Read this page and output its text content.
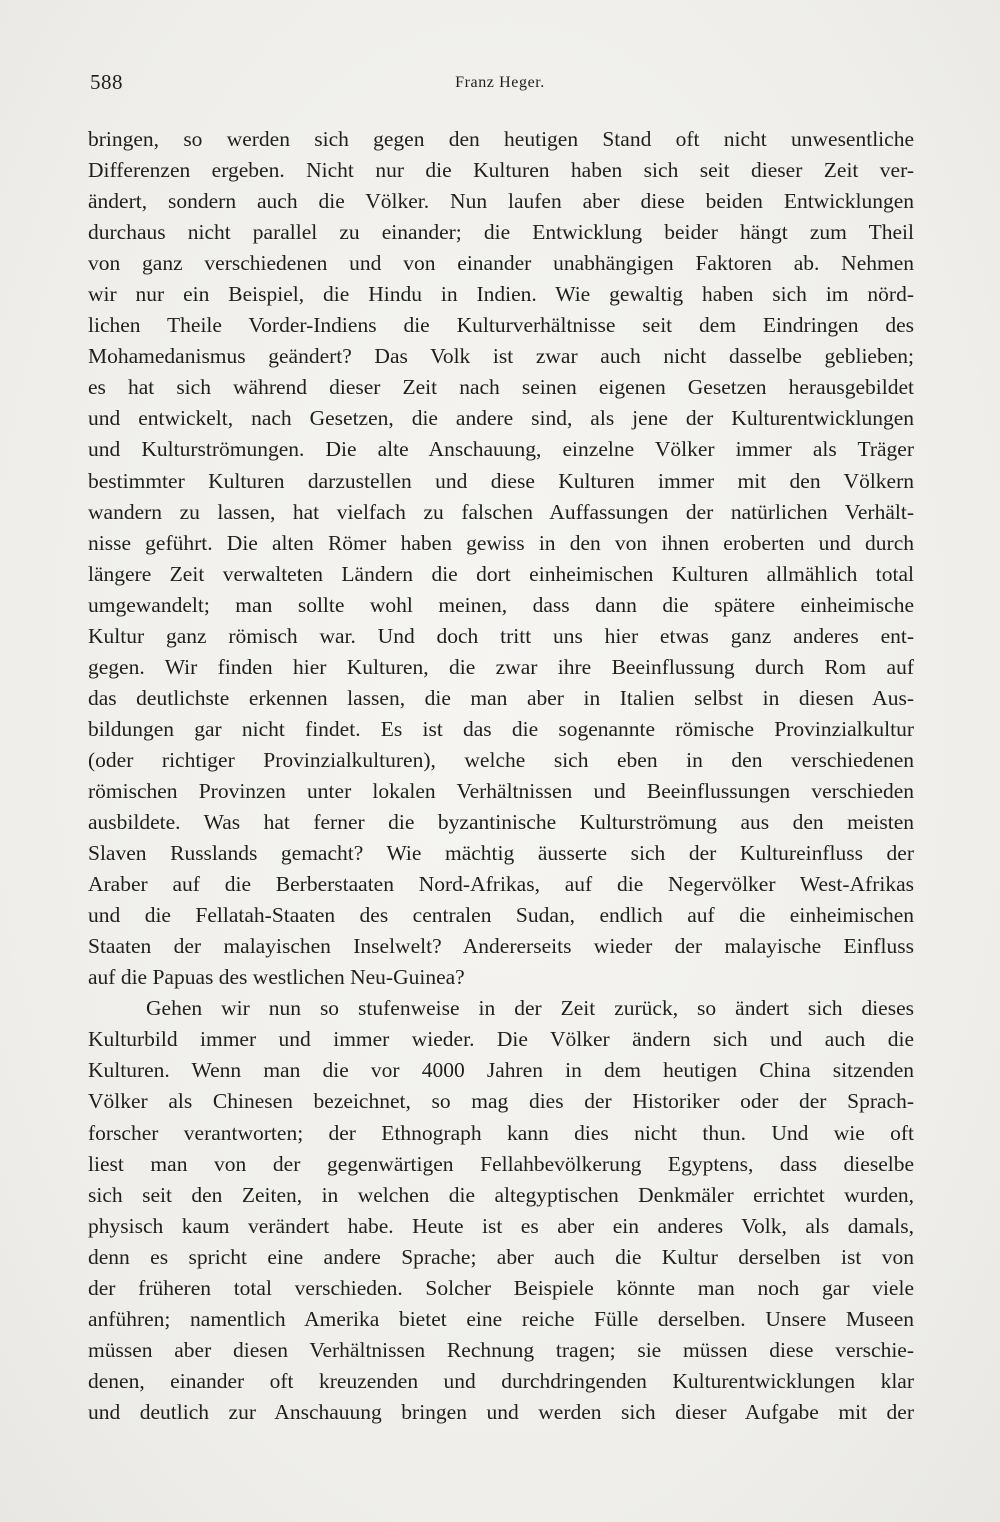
588	Franz Heger.
bringen, so werden sich gegen den heutigen Stand oft nicht unwesentliche
Differenzen ergeben. Nicht nur die Kulturen haben sich seit dieser Zeit ver-
ändert, sondern auch die Völker. Nun laufen aber diese beiden Entwicklungen
durchaus nicht parallel zu einander; die Entwicklung beider hängt zum Theil
von ganz verschiedenen und von einander unabhängigen Faktoren ab. Nehmen
wir nur ein Beispiel, die Hindu in Indien. Wie gewaltig haben sich im nörd-
lichen Theile Vorder-Indiens die Kulturverhältnisse seit dem Eindringen des
Mohamedanismus geändert? Das Volk ist zwar auch nicht dasselbe geblieben;
es hat sich während dieser Zeit nach seinen eigenen Gesetzen herausgebildet
und entwickelt, nach Gesetzen, die andere sind, als jene der Kulturentwicklungen
und Kulturströmungen. Die alte Anschauung, einzelne Völker immer als Träger
bestimmter Kulturen darzustellen und diese Kulturen immer mit den Völkern
wandern zu lassen, hat vielfach zu falschen Auffassungen der natürlichen Verhält-
nisse geführt. Die alten Römer haben gewiss in den von ihnen eroberten und durch
längere Zeit verwalteten Ländern die dort einheimischen Kulturen allmählich total
umgewandelt; man sollte wohl meinen, dass dann die spätere einheimische
Kultur ganz römisch war. Und doch tritt uns hier etwas ganz anderes ent-
gegen. Wir finden hier Kulturen, die zwar ihre Beeinflussung durch Rom auf
das deutlichste erkennen lassen, die man aber in Italien selbst in diesen Aus-
bildungen gar nicht findet. Es ist das die sogenannte römische Provinzialkultur
(oder richtiger Provinzialkulturen), welche sich eben in den verschiedenen
römischen Provinzen unter lokalen Verhältnissen und Beeinflussungen verschieden
ausbildete. Was hat ferner die byzantinische Kulturströmung aus den meisten
Slaven Russlands gemacht? Wie mächtig äusserte sich der Kultureinfluss der
Araber auf die Berberstaaten Nord-Afrikas, auf die Negervölker West-Afrikas
und die Fellatah-Staaten des centralen Sudan, endlich auf die einheimischen
Staaten der malayischen Inselwelt? Andererseits wieder der malayische Einfluss
auf die Papuas des westlichen Neu-Guinea?
Gehen wir nun so stufenweise in der Zeit zurück, so ändert sich dieses
Kulturbild immer und immer wieder. Die Völker ändern sich und auch die
Kulturen. Wenn man die vor 4000 Jahren in dem heutigen China sitzenden
Völker als Chinesen bezeichnet, so mag dies der Historiker oder der Sprach-
forscher verantworten; der Ethnograph kann dies nicht thun. Und wie oft
liest man von der gegenwärtigen Fellahbevölkerung Egyptens, dass dieselbe
sich seit den Zeiten, in welchen die altegyptischen Denkmäler errichtet wurden,
physisch kaum verändert habe. Heute ist es aber ein anderes Volk, als damals,
denn es spricht eine andere Sprache; aber auch die Kultur derselben ist von
der früheren total verschieden. Solcher Beispiele könnte man noch gar viele
anführen; namentlich Amerika bietet eine reiche Fülle derselben. Unsere Museen
müssen aber diesen Verhältnissen Rechnung tragen; sie müssen diese verschie-
denen, einander oft kreuzenden und durchdringenden Kulturentwicklungen klar
und deutlich zur Anschauung bringen und werden sich dieser Aufgabe mit der
